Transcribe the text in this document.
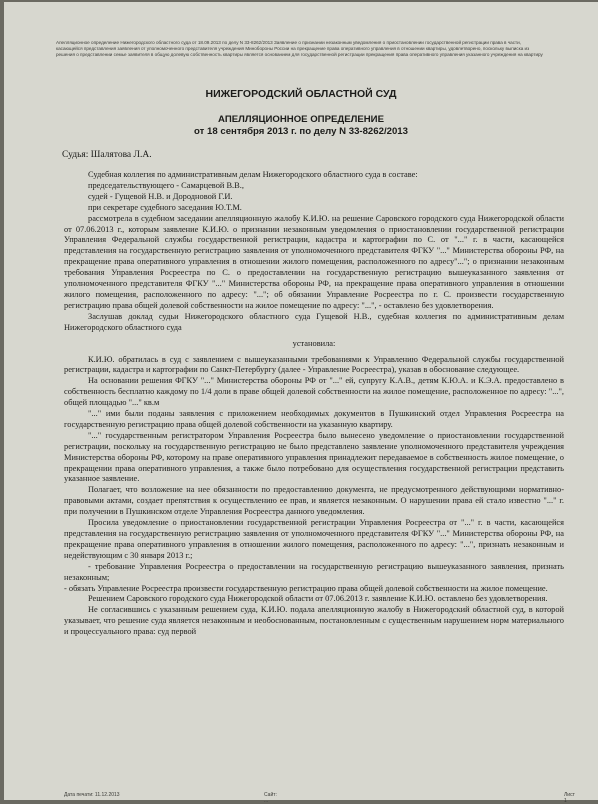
Апелляционное определение Нижегородского областного суда от 18.09.2013 по делу N 33-8262/2013 Заявление о признании незаконным уведомления о приостановлении государственной регистрации права в части, касающейся представления заявления от уполномоченного представителя учреждения Минобороны России на прекращение права оперативного управления в отношении квартиры, удовлетворено, поскольку выписка из решения о представлении семье заявителя в общую долевую собственность квартиры является основанием для государственной регистрации прекращения права оперативного управления указанного учреждения на квартиру
НИЖЕГОРОДСКИЙ ОБЛАСТНОЙ СУД
АПЕЛЛЯЦИОННОЕ ОПРЕДЕЛЕНИЕ
от 18 сентября 2013 г. по делу N 33-8262/2013
Судья: Шалятова Л.А.

Судебная коллегия по административным делам Нижегородского областного суда в составе:

председательствующего - Самарцевой В.В.,

судей - Гущевой Н.В. и Дородновой Г.И.

при секретаре судебного заседания Ю.Т.М.

рассмотрела в судебном заседании апелляционную жалобу К.И.Ю. на решение Саровского городского суда Нижегородской области от 07.06.2013 г., которым заявление К.И.Ю. о признании незаконным уведомления о приостановлении государственной регистрации Управления Федеральной службы государственной регистрации, кадастра и картографии по С. от "..." г. в части, касающейся представления на государственную регистрацию заявления от уполномоченного представителя ФГКУ "..." Министерства обороны РФ, на прекращение права оперативного управления в отношении жилого помещения, расположенного по адресу"..."; о признании незаконным требования Управления Росреестра по С. о предоставлении на государственную регистрацию вышеуказанного заявления от уполномоченного представителя ФГКУ "..." Министерства обороны РФ, на прекращение права оперативного управления в отношении жилого помещения, расположенного по адресу: "..."; об обязании Управление Росреестра по г. С. произвести государственную регистрацию права общей долевой собственности на жилое помещение по адресу: "...", - оставлено без удовлетворения.

Заслушав доклад судьи Нижегородского областного суда Гущевой Н.В., судебная коллегия по административным делам Нижегородского областного суда

установила:

К.И.Ю. обратилась в суд с заявлением с вышеуказанными требованиями к Управлению Федеральной службы государственной регистрации, кадастра и картографии по Санкт-Петербургу (далее - Управление Росреестра), указав в обоснование следующее.

На основании решения ФГКУ "..." Министерства обороны РФ от "..." ей, супругу К.А.В., детям К.Ю.А. и К.Э.А. предоставлено в собственность бесплатно каждому по 1/4 доли в праве общей долевой собственности на жилое помещение, расположенное по адресу: "...", общей площадью "..." кв.м

"..." ими были поданы заявления с приложением необходимых документов в Пушкинский отдел Управления Росреестра на государственную регистрацию права общей долевой собственности на указанную квартиру.

"..." государственным регистратором Управления Росреестра было вынесено уведомление о приостановлении государственной регистрации, поскольку на государственную регистрацию не было представлено заявление уполномоченного представителя учреждения Министерства обороны РФ, которому на праве оперативного управления принадлежит передаваемое в собственность жилое помещение, о прекращении права оперативного управления, а также было потребовано для осуществления государственной регистрации представить указанное заявление.

Полагает, что возложение на нее обязанности по предоставлению документа, не предусмотренного действующими нормативно-правовыми актами, создает препятствия к осуществлению ее прав, и является незаконным. О нарушении права ей стало известно "..." г. при получении в Пушкинском отделе Управления Росреестра данного уведомления.

Просила уведомление о приостановлении государственной регистрации Управления Росреестра от "..." г. в части, касающейся представления на государственную регистрацию заявления от уполномоченного представителя ФГКУ "..." Министерства обороны РФ, на прекращение права оперативного управления в отношении жилого помещения, расположенного по адресу: "...", признать незаконным и недействующим с 30 января 2013 г.;

- требование Управления Росреестра о предоставлении на государственную регистрацию вышеуказанного заявления, признать незаконным;

- обязать Управление Росреестра произвести государственную регистрацию права общей долевой собственности на жилое помещение.

Решением Саровского городского суда Нижегородской области от 07.06.2013 г. заявление К.И.Ю. оставлено без удовлетворения.

Не согласившись с указанным решением суда, К.И.Ю. подала апелляционную жалобу в Нижегородский областной суд, в которой указывает, что решение суда является незаконным и необоснованным, постановленным с существенным нарушением норм материального и процессуального права: суд первой

Дата печати: 11.12.2013	Сайт: ...
Лист 1
